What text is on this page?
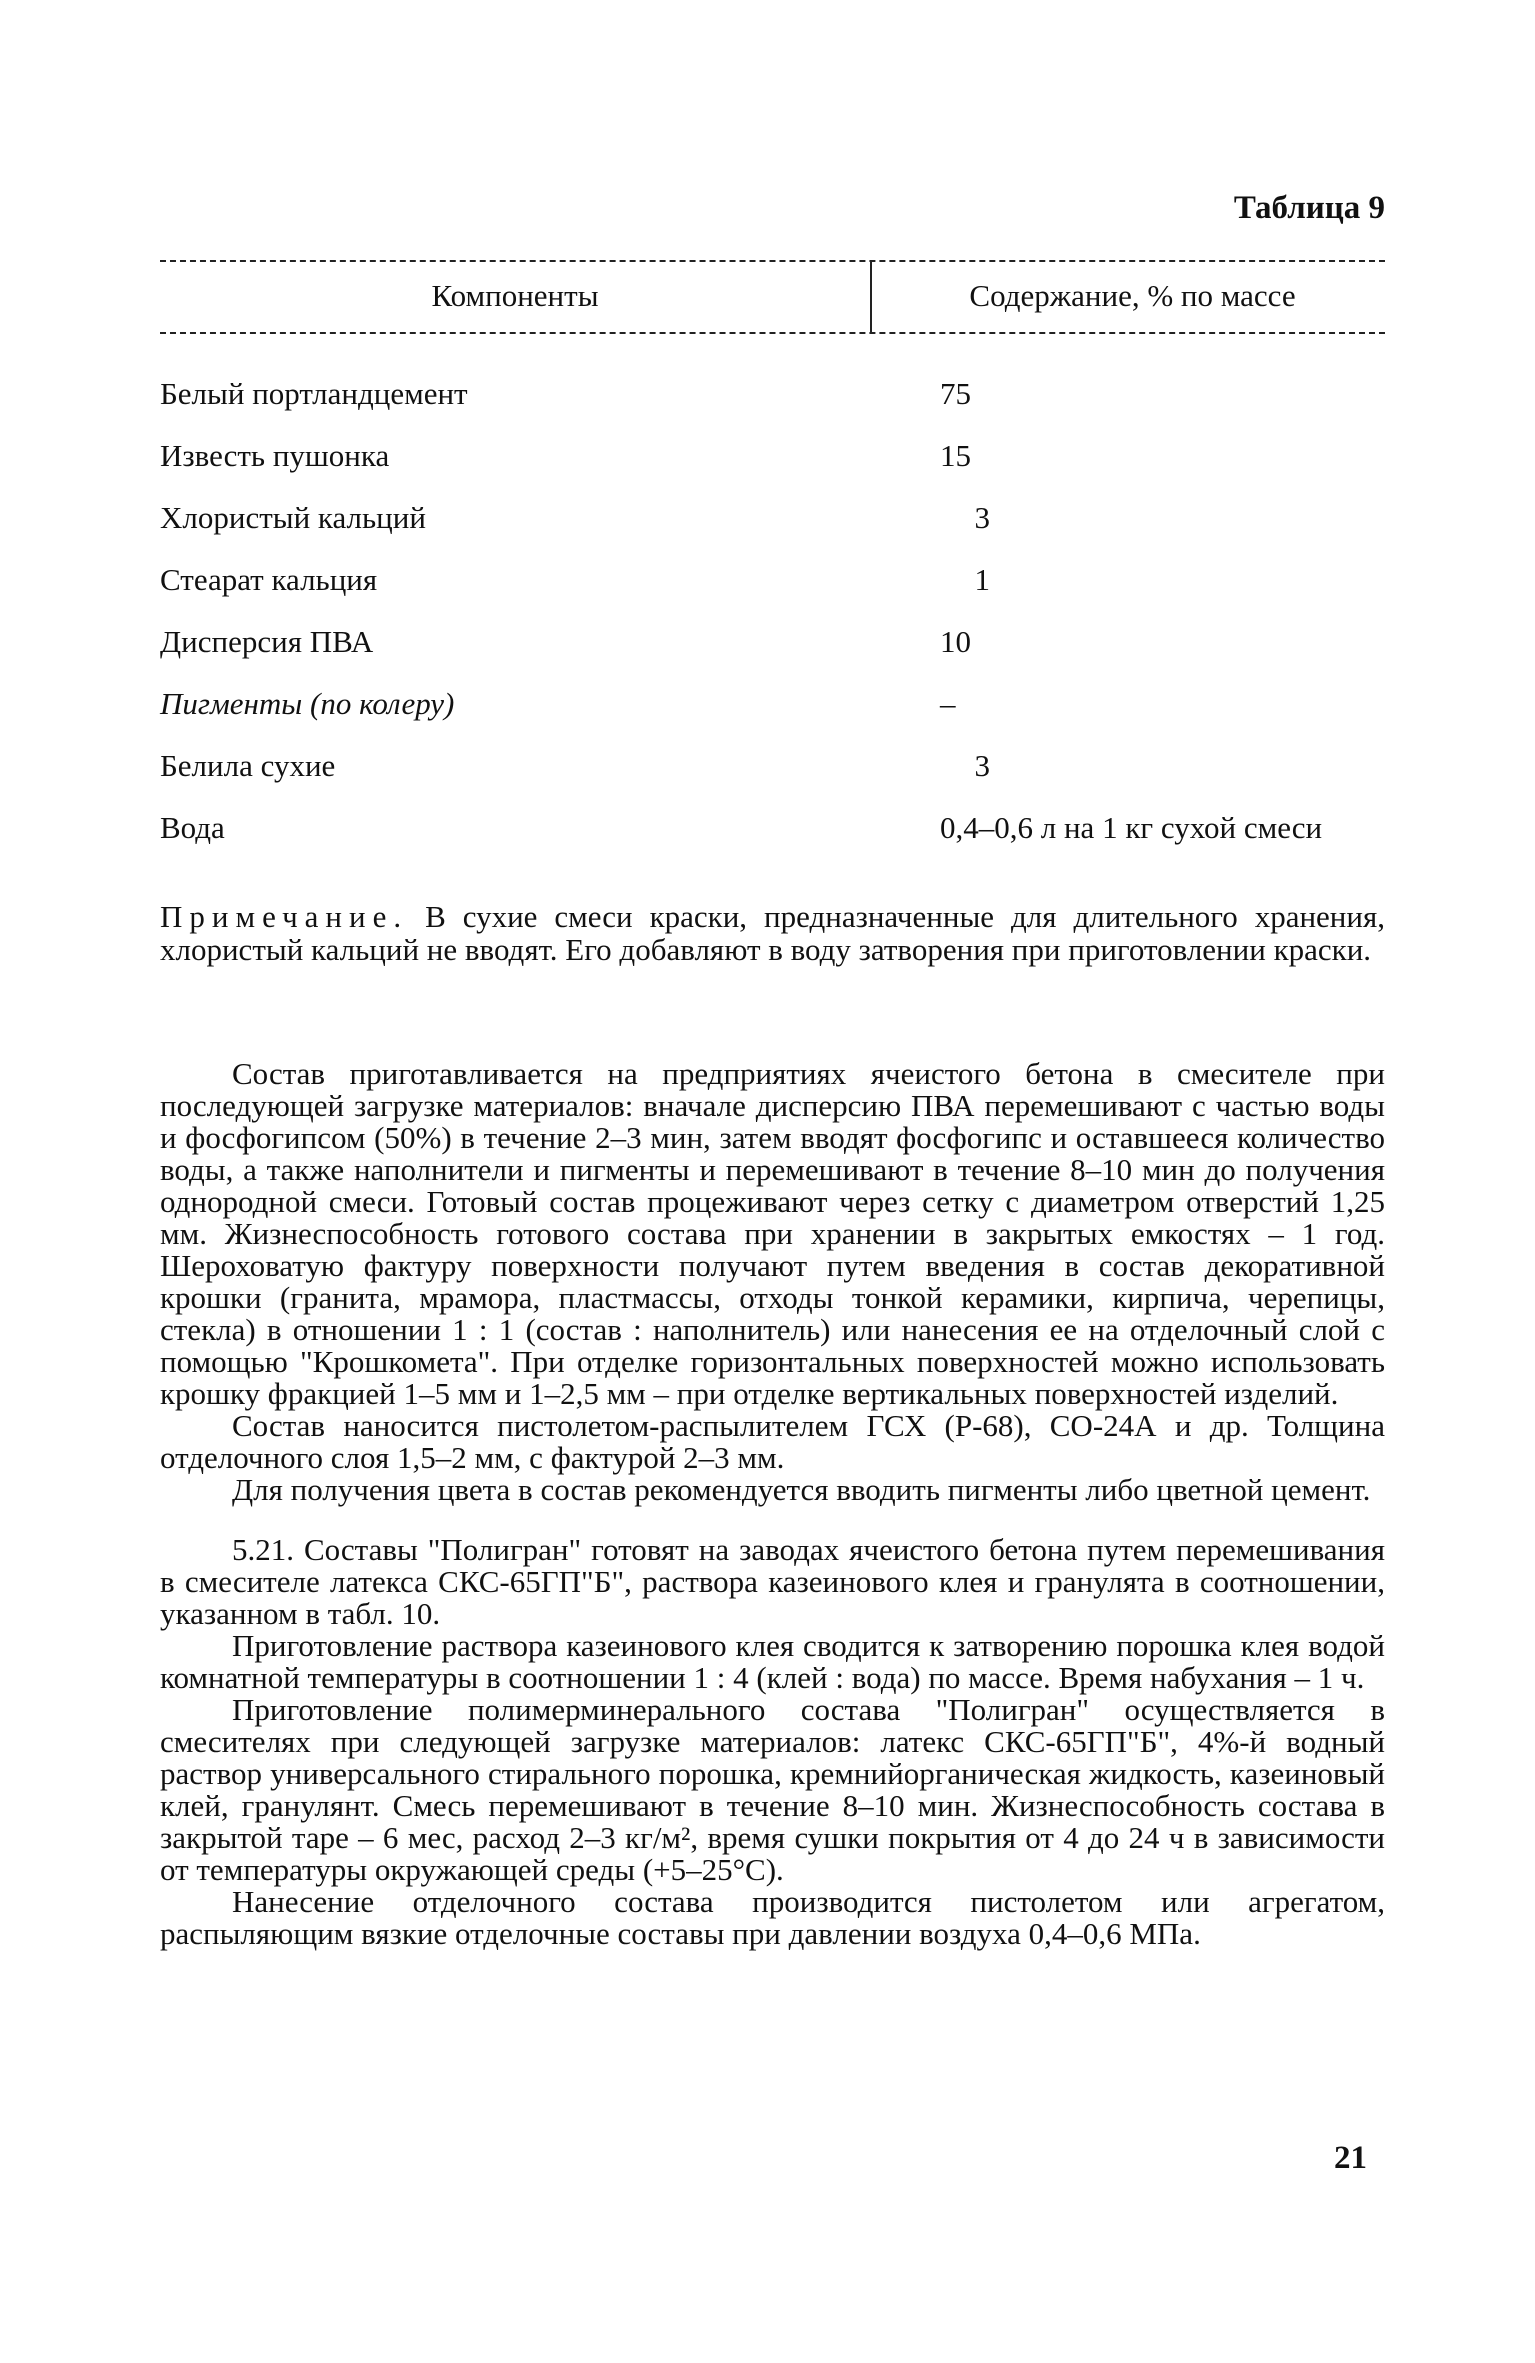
Таблица 9
Компоненты	Содержание, % по массе
Белый портландцемент	75
Известь пушонка	15
Хлористый кальций	3
Стеарат кальция	1
Дисперсия ПВА	10
Пигменты (по колеру)	–
Белила сухие	3
Вода	0,4–0,6 л на 1 кг сухой смеси
Примечание. В сухие смеси краски, предназначенные для длительного хранения, хлористый кальций не вводят. Его добавляют в воду затворения при приготовлении краски.

Состав приготавливается на предприятиях ячеистого бетона в смесителе при последующей загрузке материалов: вначале дисперсию ПВА перемешивают с частью воды и фосфогипсом (50%) в течение 2–3 мин, затем вводят фосфогипс и оставшееся количество воды, а также наполнители и пигменты и перемешивают в течение 8–10 мин до получения однородной смеси. Готовый состав процеживают через сетку с диаметром отверстий 1,25 мм. Жизнеспособность готового состава при хранении в закрытых емкостях – 1 год. Шероховатую фактуру поверхности получают путем введения в состав декоративной крошки (гранита, мрамора, пластмассы, отходы тонкой керамики, кирпича, черепицы, стекла) в отношении 1 : 1 (состав : наполнитель) или нанесения ее на отделочный слой с помощью "Крошкомета". При отделке горизонтальных поверхностей можно использовать крошку фракцией 1–5 мм и 1–2,5 мм – при отделке вертикальных поверхностей изделий.

Состав наносится пистолетом-распылителем ГСХ (Р-68), СО-24А и др. Толщина отделочного слоя 1,5–2 мм, с фактурой 2–3 мм.

Для получения цвета в состав рекомендуется вводить пигменты либо цветной цемент.

5.21. Составы "Полигран" готовят на заводах ячеистого бетона путем перемешивания в смесителе латекса СКС-65ГП"Б", раствора казеинового клея и гранулята в соотношении, указанном в табл. 10.

Приготовление раствора казеинового клея сводится к затворению порошка клея водой комнатной температуры в соотношении 1 : 4 (клей : вода) по массе. Время набухания – 1 ч.

Приготовление полимерминерального состава "Полигран" осуществляется в смесителях при следующей загрузке материалов: латекс СКС-65ГП"Б", 4%-й водный раствор универсального стирального порошка, кремнийорганическая жидкость, казеиновый клей, гранулянт. Смесь перемешивают в течение 8–10 мин. Жизнеспособность состава в закрытой таре – 6 мес, расход 2–3 кг/м², время сушки покрытия от 4 до 24 ч в зависимости от температуры окружающей среды (+5–25°С).

Нанесение отделочного состава производится пистолетом или агрегатом, распыляющим вязкие отделочные составы при давлении воздуха 0,4–0,6 МПа.

21
